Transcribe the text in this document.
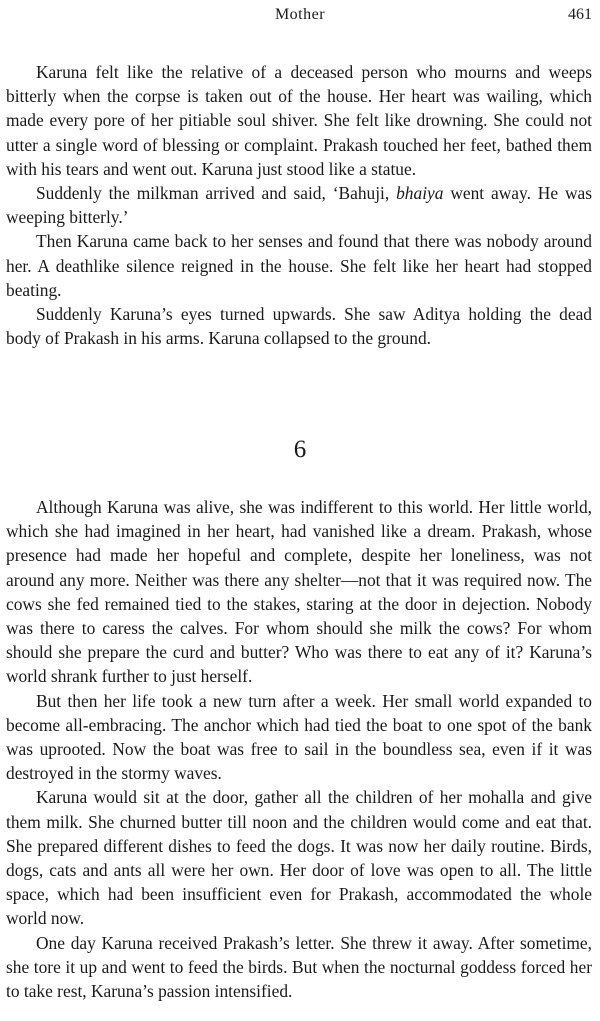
Mother	461

Karuna felt like the relative of a deceased person who mourns and weeps bitterly when the corpse is taken out of the house. Her heart was wailing, which made every pore of her pitiable soul shiver. She felt like drowning. She could not utter a single word of blessing or complaint. Prakash touched her feet, bathed them with his tears and went out. Karuna just stood like a statue.

Suddenly the milkman arrived and said, ‘Bahuji, bhaiya went away. He was weeping bitterly.’

Then Karuna came back to her senses and found that there was nobody around her. A deathlike silence reigned in the house. She felt like her heart had stopped beating.

Suddenly Karuna’s eyes turned upwards. She saw Aditya holding the dead body of Prakash in his arms. Karuna collapsed to the ground.

6

Although Karuna was alive, she was indifferent to this world. Her little world, which she had imagined in her heart, had vanished like a dream. Prakash, whose presence had made her hopeful and complete, despite her loneliness, was not around any more. Neither was there any shelter—not that it was required now. The cows she fed remained tied to the stakes, staring at the door in dejection. Nobody was there to caress the calves. For whom should she milk the cows? For whom should she prepare the curd and butter? Who was there to eat any of it? Karuna’s world shrank further to just herself.

But then her life took a new turn after a week. Her small world expanded to become all-embracing. The anchor which had tied the boat to one spot of the bank was uprooted. Now the boat was free to sail in the boundless sea, even if it was destroyed in the stormy waves.

Karuna would sit at the door, gather all the children of her mohalla and give them milk. She churned butter till noon and the children would come and eat that. She prepared different dishes to feed the dogs. It was now her daily routine. Birds, dogs, cats and ants all were her own. Her door of love was open to all. The little space, which had been insufficient even for Prakash, accommodated the whole world now.

One day Karuna received Prakash’s letter. She threw it away. After sometime, she tore it up and went to feed the birds. But when the nocturnal goddess forced her to take rest, Karuna’s passion intensified.
